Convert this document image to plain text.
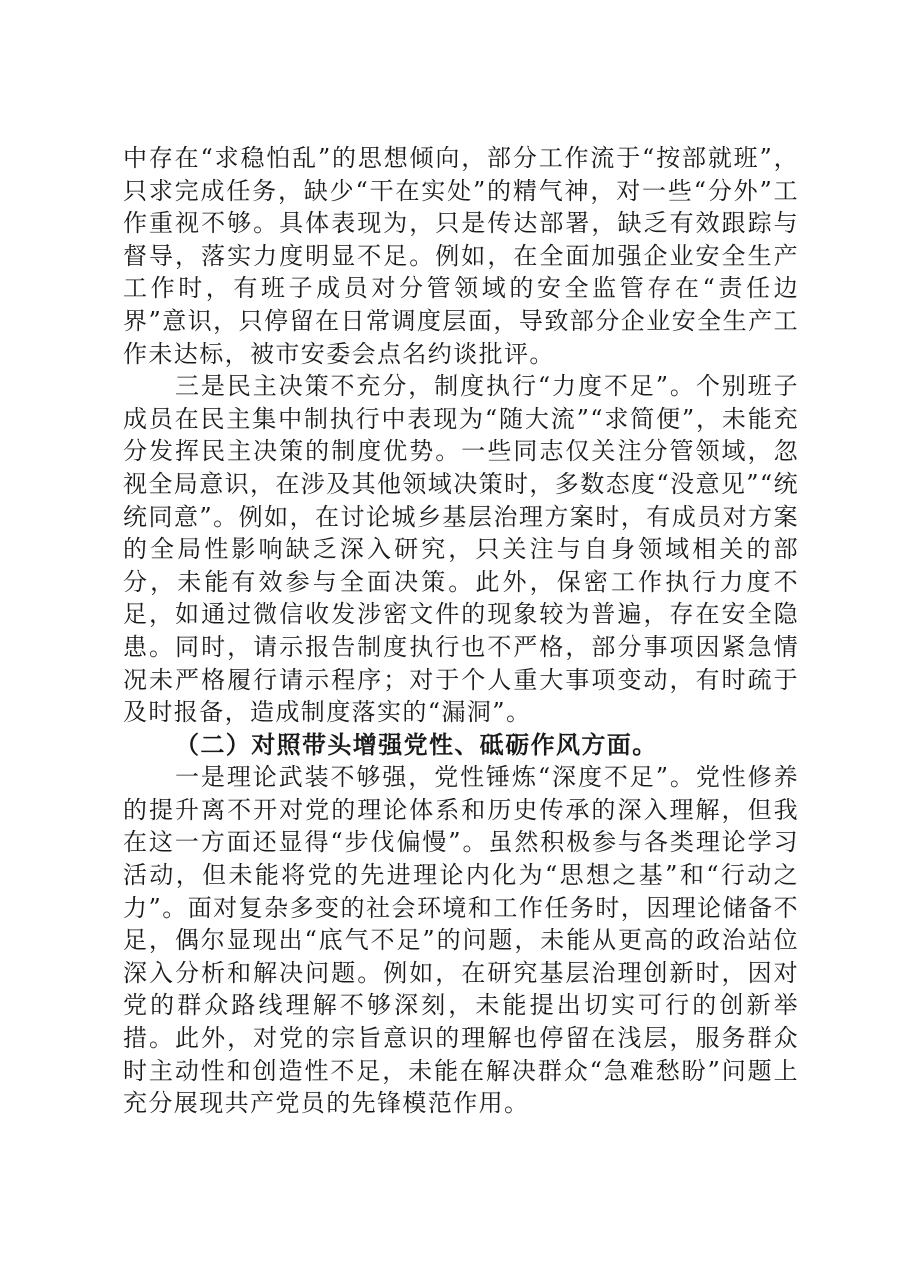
中存在“求稳怕乱”的思想倾向，部分工作流于“按部就班”，只求完成任务，缺少“干在实处”的精气神，对一些“分外”工作重视不够。具体表现为，只是传达部署，缺乏有效跟踪与督导，落实力度明显不足。例如，在全面加强企业安全生产工作时，有班子成员对分管领域的安全监管存在“责任边界”意识，只停留在日常调度层面，导致部分企业安全生产工作未达标，被市安委会点名约谈批评。

三是民主决策不充分，制度执行“力度不足”。个别班子成员在民主集中制执行中表现为“随大流”“求简便”，未能充分发挥民主决策的制度优势。一些同志仅关注分管领域，忽视全局意识，在涉及其他领域决策时，多数态度“没意见”“统统同意”。例如，在讨论城乡基层治理方案时，有成员对方案的全局性影响缺乏深入研究，只关注与自身领域相关的部分，未能有效参与全面决策。此外，保密工作执行力度不足，如通过微信收发涉密文件的现象较为普遍，存在安全隐患。同时，请示报告制度执行也不严格，部分事项因紧急情况未严格履行请示程序；对于个人重大事项变动，有时疏于及时报备，造成制度落实的“漏洞”。

（二）对照带头增强党性、砥砺作风方面。

一是理论武装不够强，党性锤炼“深度不足”。党性修养的提升离不开对党的理论体系和历史传承的深入理解，但我在这一方面还显得“步伐偏慢”。虽然积极参与各类理论学习活动，但未能将党的先进理论内化为“思想之基”和“行动之力”。面对复杂多变的社会环境和工作任务时，因理论储备不足，偶尔显现出“底气不足”的问题，未能从更高的政治站位深入分析和解决问题。例如，在研究基层治理创新时，因对党的群众路线理解不够深刻，未能提出切实可行的创新举措。此外，对党的宗旨意识的理解也停留在浅层，服务群众时主动性和创造性不足，未能在解决群众“急难愁盼”问题上充分展现共产党员的先锋模范作用。
